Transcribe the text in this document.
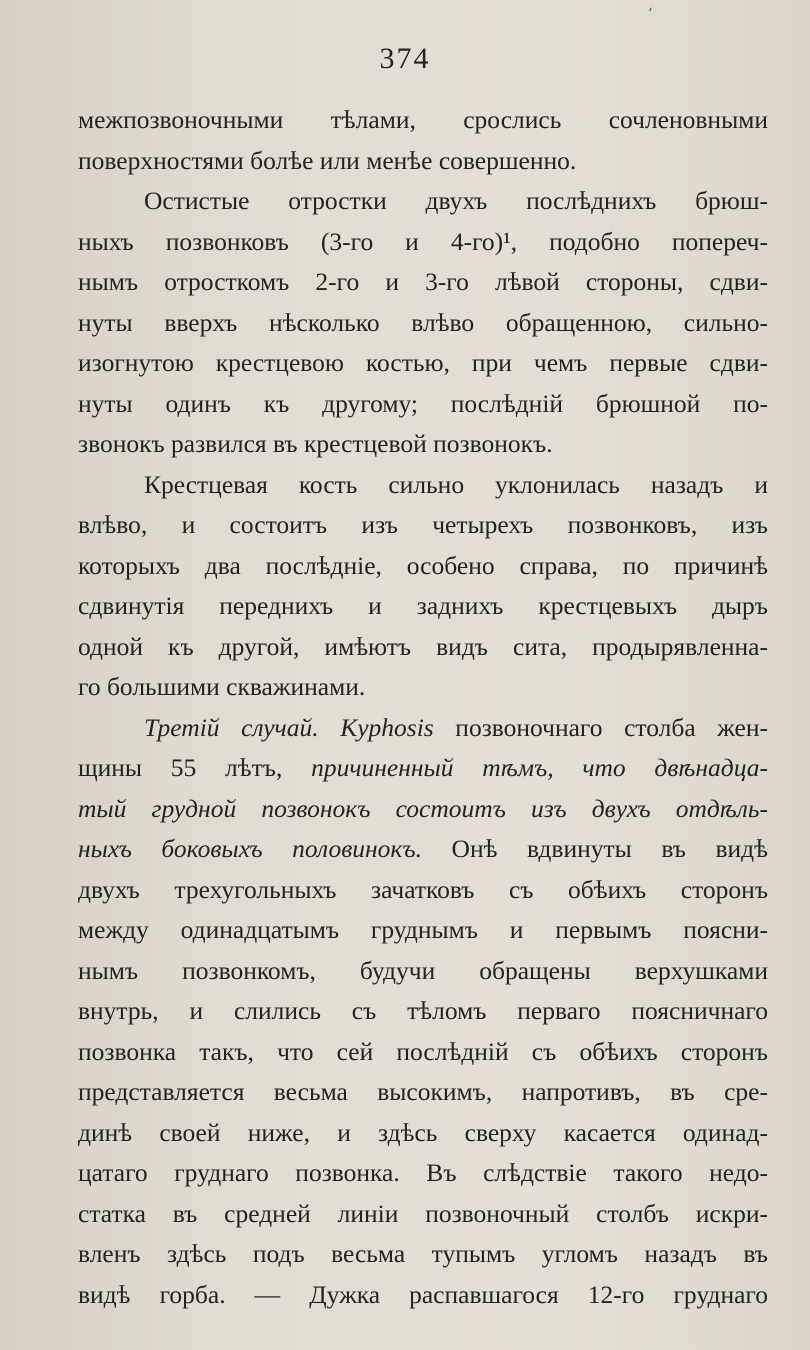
‘
374
межпозвоночными тѣлами, срослись сочленовными
поверхностями болѣе или менѣе совершенно.
Остистые отростки двухъ послѣднихъ брюш-
ныхъ позвонковъ (3-го и 4-го)¹, подобно попереч-
нымъ отросткомъ 2-го и 3-го лѣвой стороны, сдви-
нуты вверхъ нѣсколько влѣво обращенною, сильно-
изогнутою крестцевою костью, при чемъ первые сдви-
нуты одинъ къ другому; послѣднiй брюшной по-
звонокъ развился въ крестцевой позвонокъ.
Крестцевая кость сильно уклонилась назадъ и
влѣво, и состоитъ изъ четырехъ позвонковъ, изъ
которыхъ два послѣднiе, особено справа, по причинѣ
сдвинутiя переднихъ и заднихъ крестцевыхъ дыръ
одной къ другой, имѣютъ видъ сита, продырявленна-
го большими скважинами.
Третiй случай. Kyphosis позвоночнаго столба жен-
щины 55 лѣтъ, причиненный тѣмъ, что двѣнадца-
тый грудной позвонокъ состоитъ изъ двухъ отдѣль-
ныхъ боковыхъ половинокъ. Онѣ вдвинуты въ видѣ
двухъ трехугольныхъ зачатковъ съ обѣихъ сторонъ
между одинадцатымъ груднымъ и первымъ поясни-
нымъ позвонкомъ, будучи обращены верхушками
внутрь, и слились съ тѣломъ перваго поясничнаго
позвонка такъ, что сей послѣднiй съ обѣихъ сторонъ
представляется весьма высокимъ, напротивъ, въ сре-
динѣ своей ниже, и здѣсь сверху касается одинад-
цатаго груднаго позвонка. Въ слѣдствiе такого недо-
статка въ средней линiи позвоночный столбъ искри-
вленъ здѣсь подъ весьма тупымъ угломъ назадъ въ
видѣ горба. — Дужка распавшагося 12-го груднаго
